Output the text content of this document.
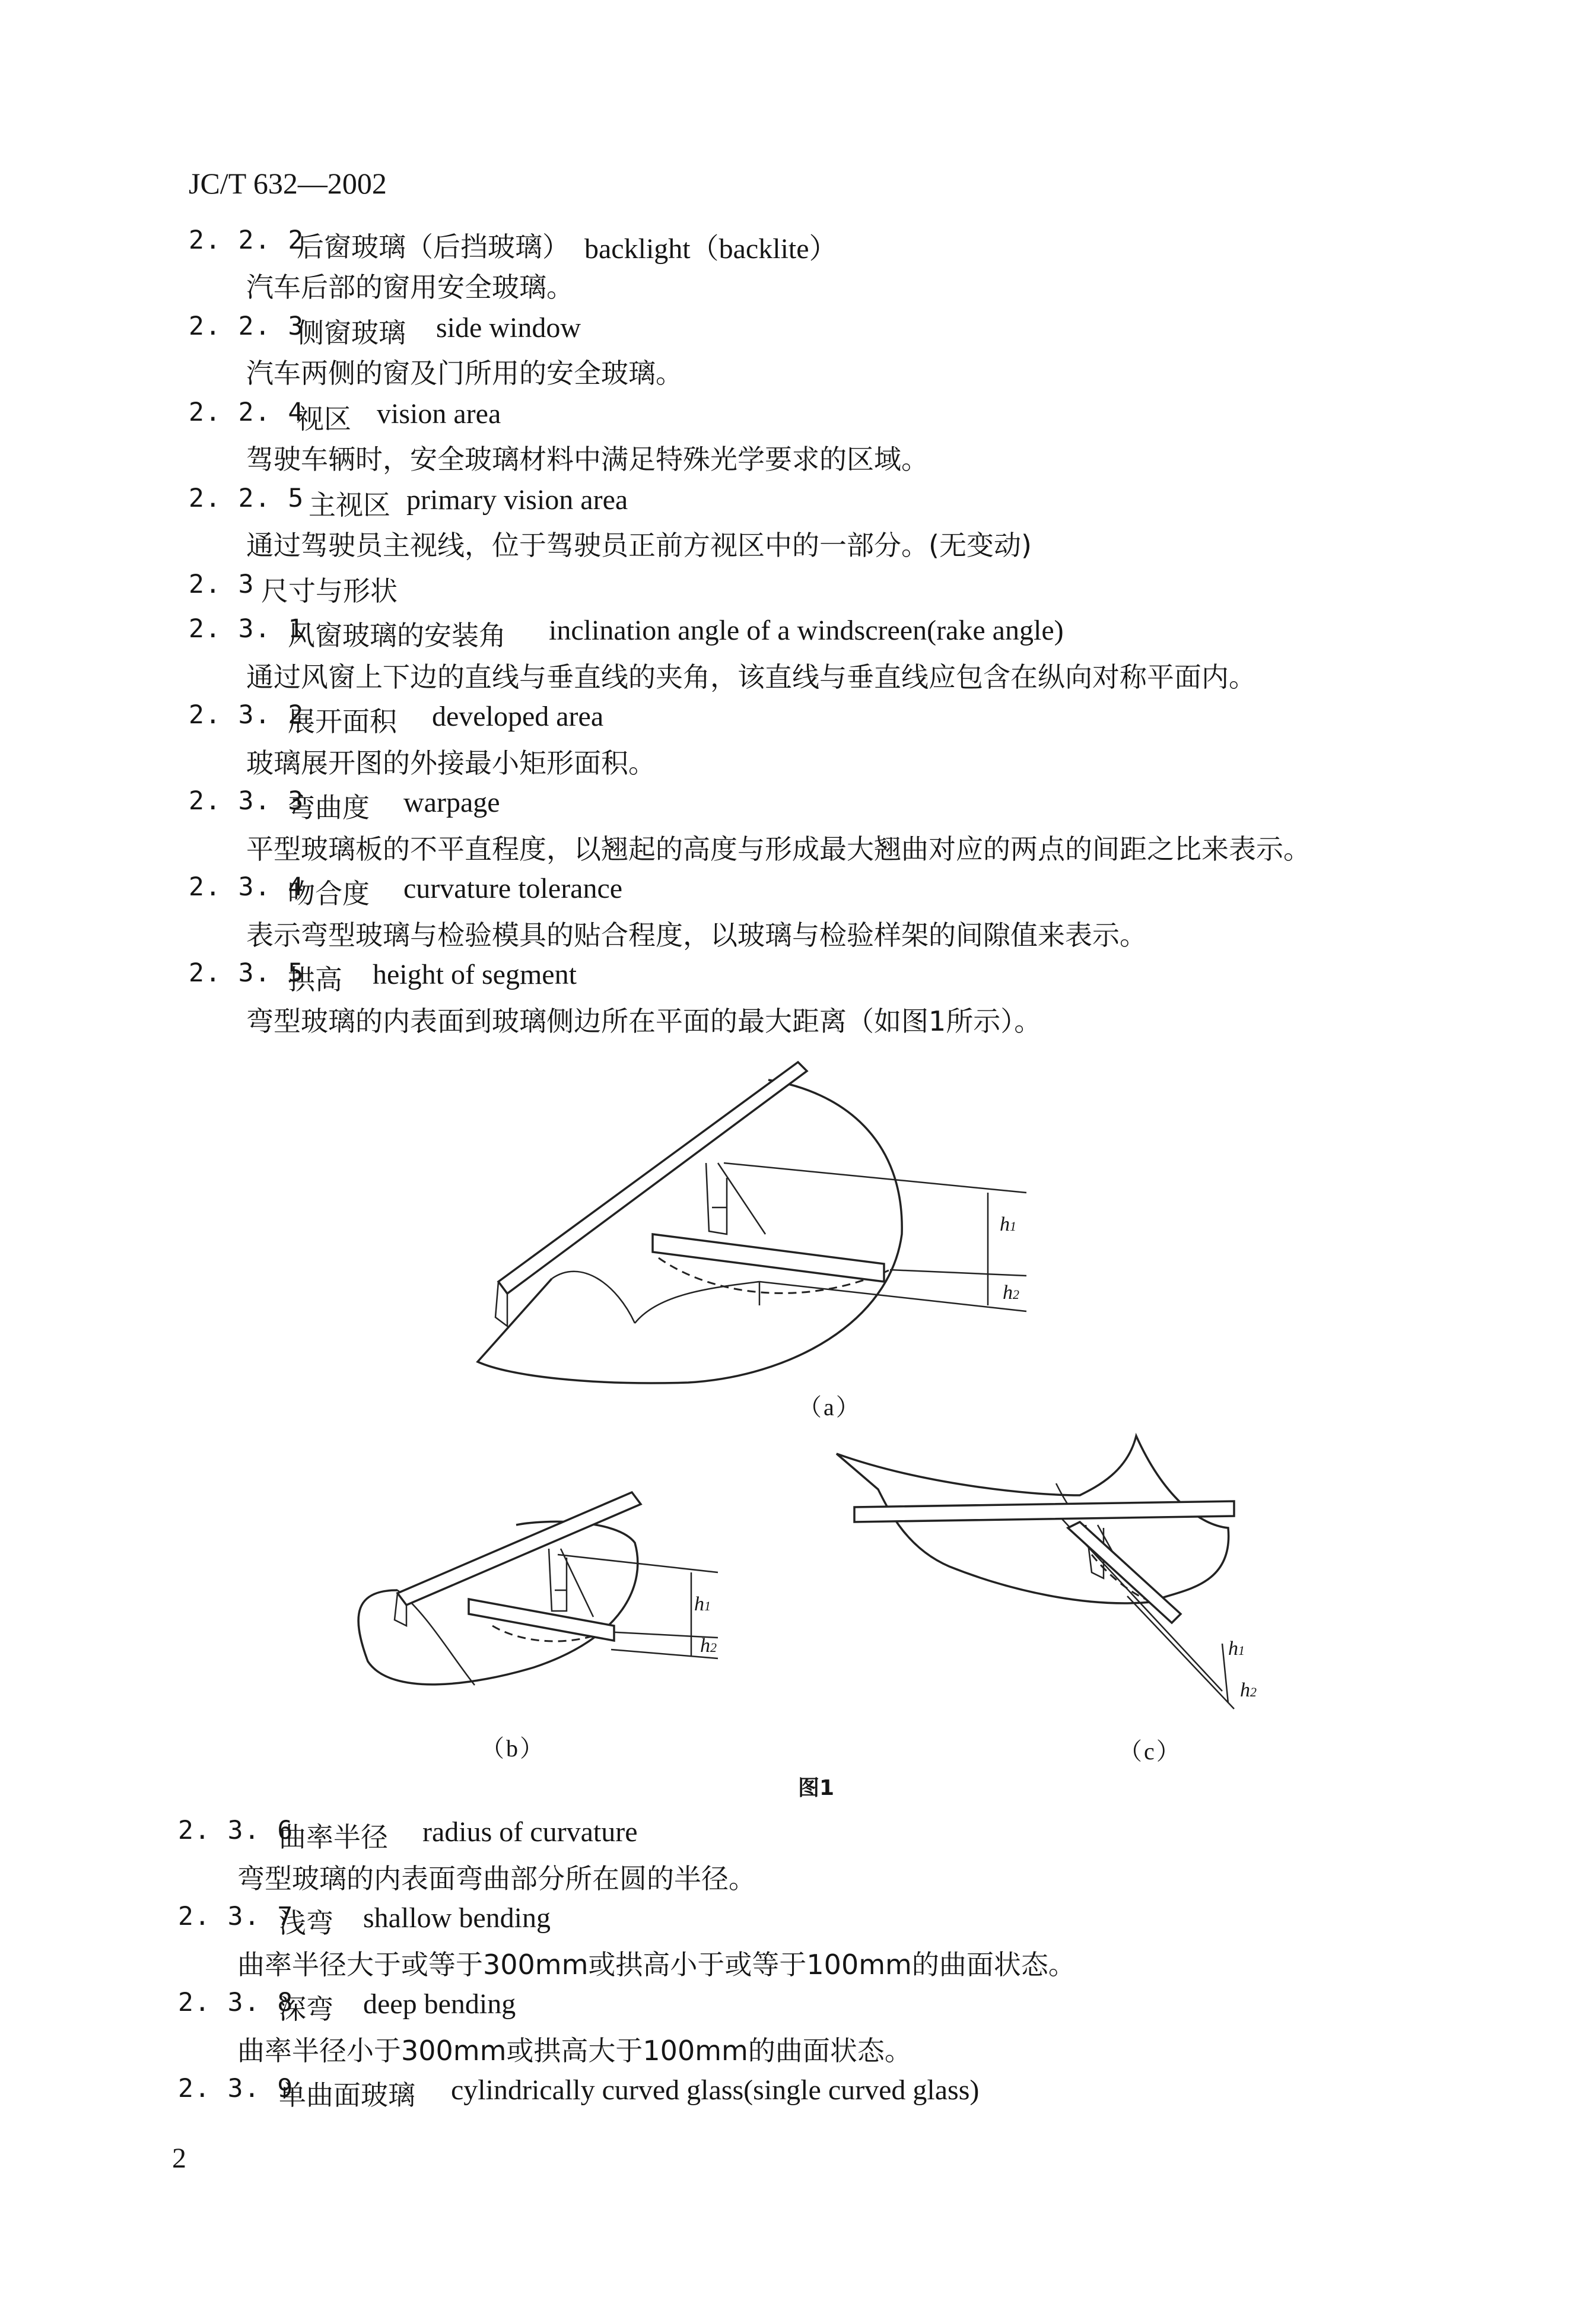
JC/T 632—2002
2. 2. 2
后窗玻璃（后挡玻璃） backlight（backlite）
汽车后部的窗用安全玻璃。
2. 2. 3
侧窗玻璃 side window
汽车两侧的窗及门所用的安全玻璃。
2. 2. 4
视区 vision area
驾驶车辆时，安全玻璃材料中满足特殊光学要求的区域。
2. 2. 5 主视区 primary vision area
通过驾驶员主视线，位于驾驶员正前方视区中的一部分。(无变动)
2. 3 尺寸与形状
2. 3. 1
风窗玻璃的安装角 inclination angle of a windscreen(rake angle)
通过风窗上下边的直线与垂直线的夹角，该直线与垂直线应包含在纵向对称平面内。
2. 3. 2
展开面积 developed area
玻璃展开图的外接最小矩形面积。
2. 3. 3
弯曲度 warpage
平型玻璃板的不平直程度，以翘起的高度与形成最大翘曲对应的两点的间距之比来表示。
2. 3. 4
吻合度 curvature tolerance
表示弯型玻璃与检验模具的贴合程度，以玻璃与检验样架的间隙值来表示。
2. 3. 5
拱高 height of segment
弯型玻璃的内表面到玻璃侧边所在平面的最大距离（如图1所示）。
h1
h2
（a）
h1
h2
（b）
h1
h2
（c）
图1
2. 3. 6
曲率半径 radius of curvature
弯型玻璃的内表面弯曲部分所在圆的半径。
2. 3. 7
浅弯 shallow bending
曲率半径大于或等于300mm或拱高小于或等于100mm的曲面状态。
2. 3. 8
深弯 deep bending
曲率半径小于300mm或拱高大于100mm的曲面状态。
2. 3. 9
单曲面玻璃 cylindrically curved glass(single curved glass)
2
